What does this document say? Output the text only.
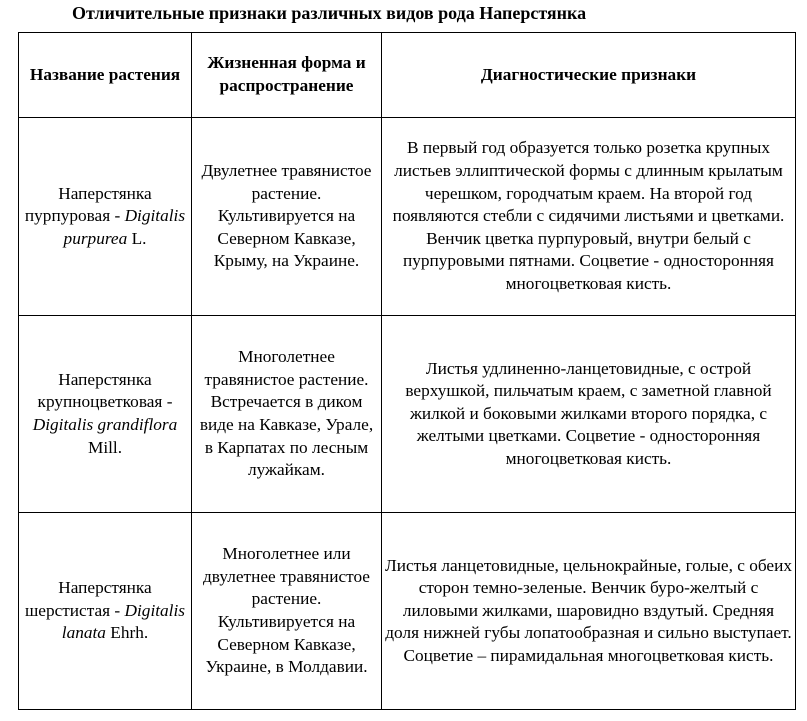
Отличительные признаки различных видов рода Наперстянка
Название растения	Жизненная форма и распространение	Диагностические признаки
Наперстянка пурпуровая - Digitalis purpurea L.	Двулетнее травянистое растение. Культивируется на Северном Кавказе, Крыму, на Украине.	В первый год образуется только розетка крупных листьев эллиптической формы с длинным крылатым черешком, городчатым краем. На второй год появляются стебли с сидячими листьями и цветками. Венчик цветка пурпуровый, внутри белый с пурпуровыми пятнами. Соцветие - односторонняя многоцветковая кисть.
Наперстянка крупноцветковая - Digitalis grandiflora Mill.	Многолетнее травянистое растение. Встречается в диком виде на Кавказе, Урале, в Карпатах по лесным лужайкам.	Листья удлиненно-ланцетовидные, с острой верхушкой, пильчатым краем, с заметной главной жилкой и боковыми жилками второго порядка, с желтыми цветками. Соцветие - односторонняя многоцветковая кисть.
Наперстянка шерстистая - Digitalis lanata Ehrh.	Многолетнее или двулетнее травянистое растение. Культивируется на Северном Кавказе, Украине, в Молдавии.	Листья ланцетовидные, цельнокрайные, голые, с обеих сторон темно-зеленые. Венчик буро-желтый с лиловыми жилками, шаровидно вздутый. Средняя доля нижней губы лопатообразная и сильно выступает. Соцветие – пирамидальная многоцветковая кисть.
